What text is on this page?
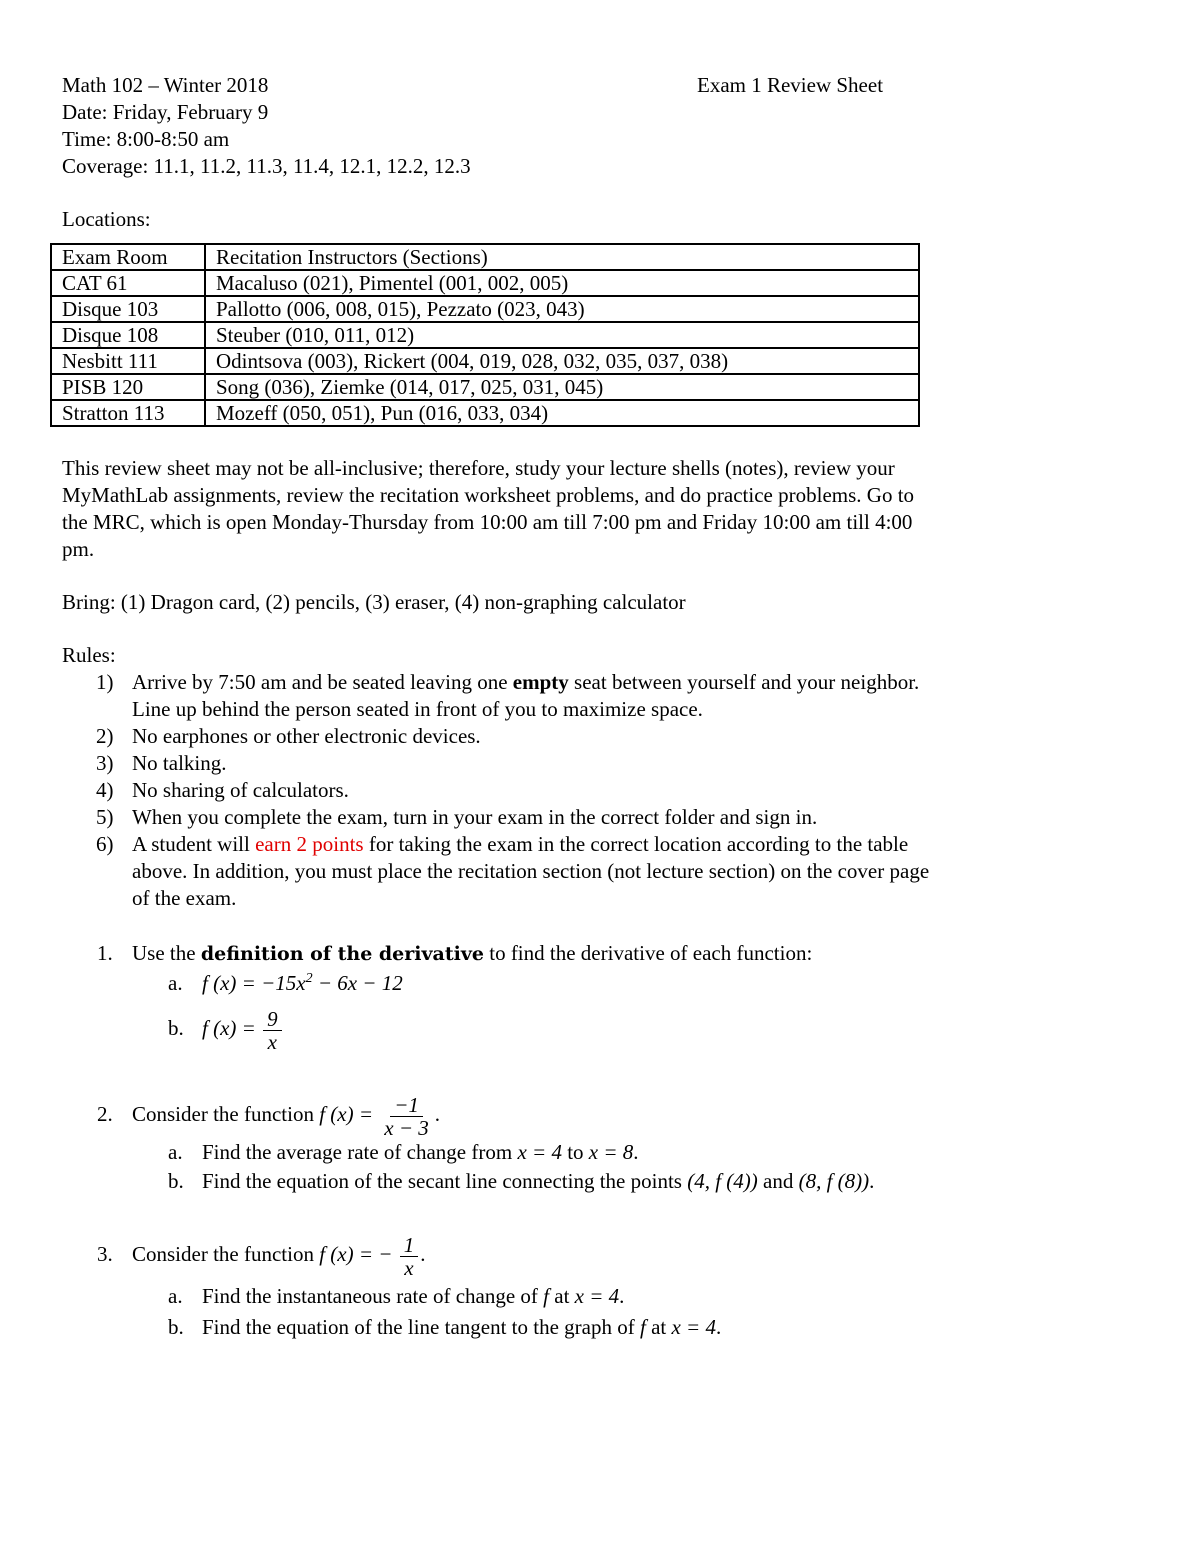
Math 102 – Winter 2018	Exam 1 Review Sheet
Date: Friday, February 9
Time: 8:00-8:50 am
Coverage: 11.1, 11.2, 11.3, 11.4, 12.1, 12.2, 12.3
Locations:
Exam Room	Recitation Instructors (Sections)
CAT 61	Macaluso (021), Pimentel (001, 002, 005)
Disque 103	Pallotto (006, 008, 015), Pezzato (023, 043)
Disque 108	Steuber (010, 011, 012)
Nesbitt 111	Odintsova (003), Rickert (004, 019, 028, 032, 035, 037, 038)
PISB 120	Song (036), Ziemke (014, 017, 025, 031, 045)
Stratton 113	Mozeff (050, 051), Pun (016, 033, 034)
This review sheet may not be all-inclusive; therefore, study your lecture shells (notes), review your
MyMathLab assignments, review the recitation worksheet problems, and do practice problems. Go to
the MRC, which is open Monday-Thursday from 10:00 am till 7:00 pm and Friday 10:00 am till 4:00
pm.
Bring: (1) Dragon card, (2) pencils, (3) eraser, (4) non-graphing calculator
Rules:
1) Arrive by 7:50 am and be seated leaving one empty seat between yourself and your neighbor.
Line up behind the person seated in front of you to maximize space.
2) No earphones or other electronic devices.
3) No talking.
4) No sharing of calculators.
5) When you complete the exam, turn in your exam in the correct folder and sign in.
6) A student will earn 2 points for taking the exam in the correct location according to the table
above. In addition, you must place the recitation section (not lecture section) on the cover page
of the exam.
1. Use the definition of the derivative to find the derivative of each function:
a. f $(x) = -15x^2 - 6x - 12$
b. f $(x) = \frac{9}{x}$
2. Consider the function f $(x) = \frac{-1}{x - 3}$ .
a. Find the average rate of change from x = 4 to x = 8.
b. Find the equation of the secant line connecting the points (4, f (4)) and (8, f (8)).
3. Consider the function f (x) = − $\frac{1}{x}$ .
a. Find the instantaneous rate of change of f at x = 4.
b. Find the equation of the line tangent to the graph of f at x = 4.
